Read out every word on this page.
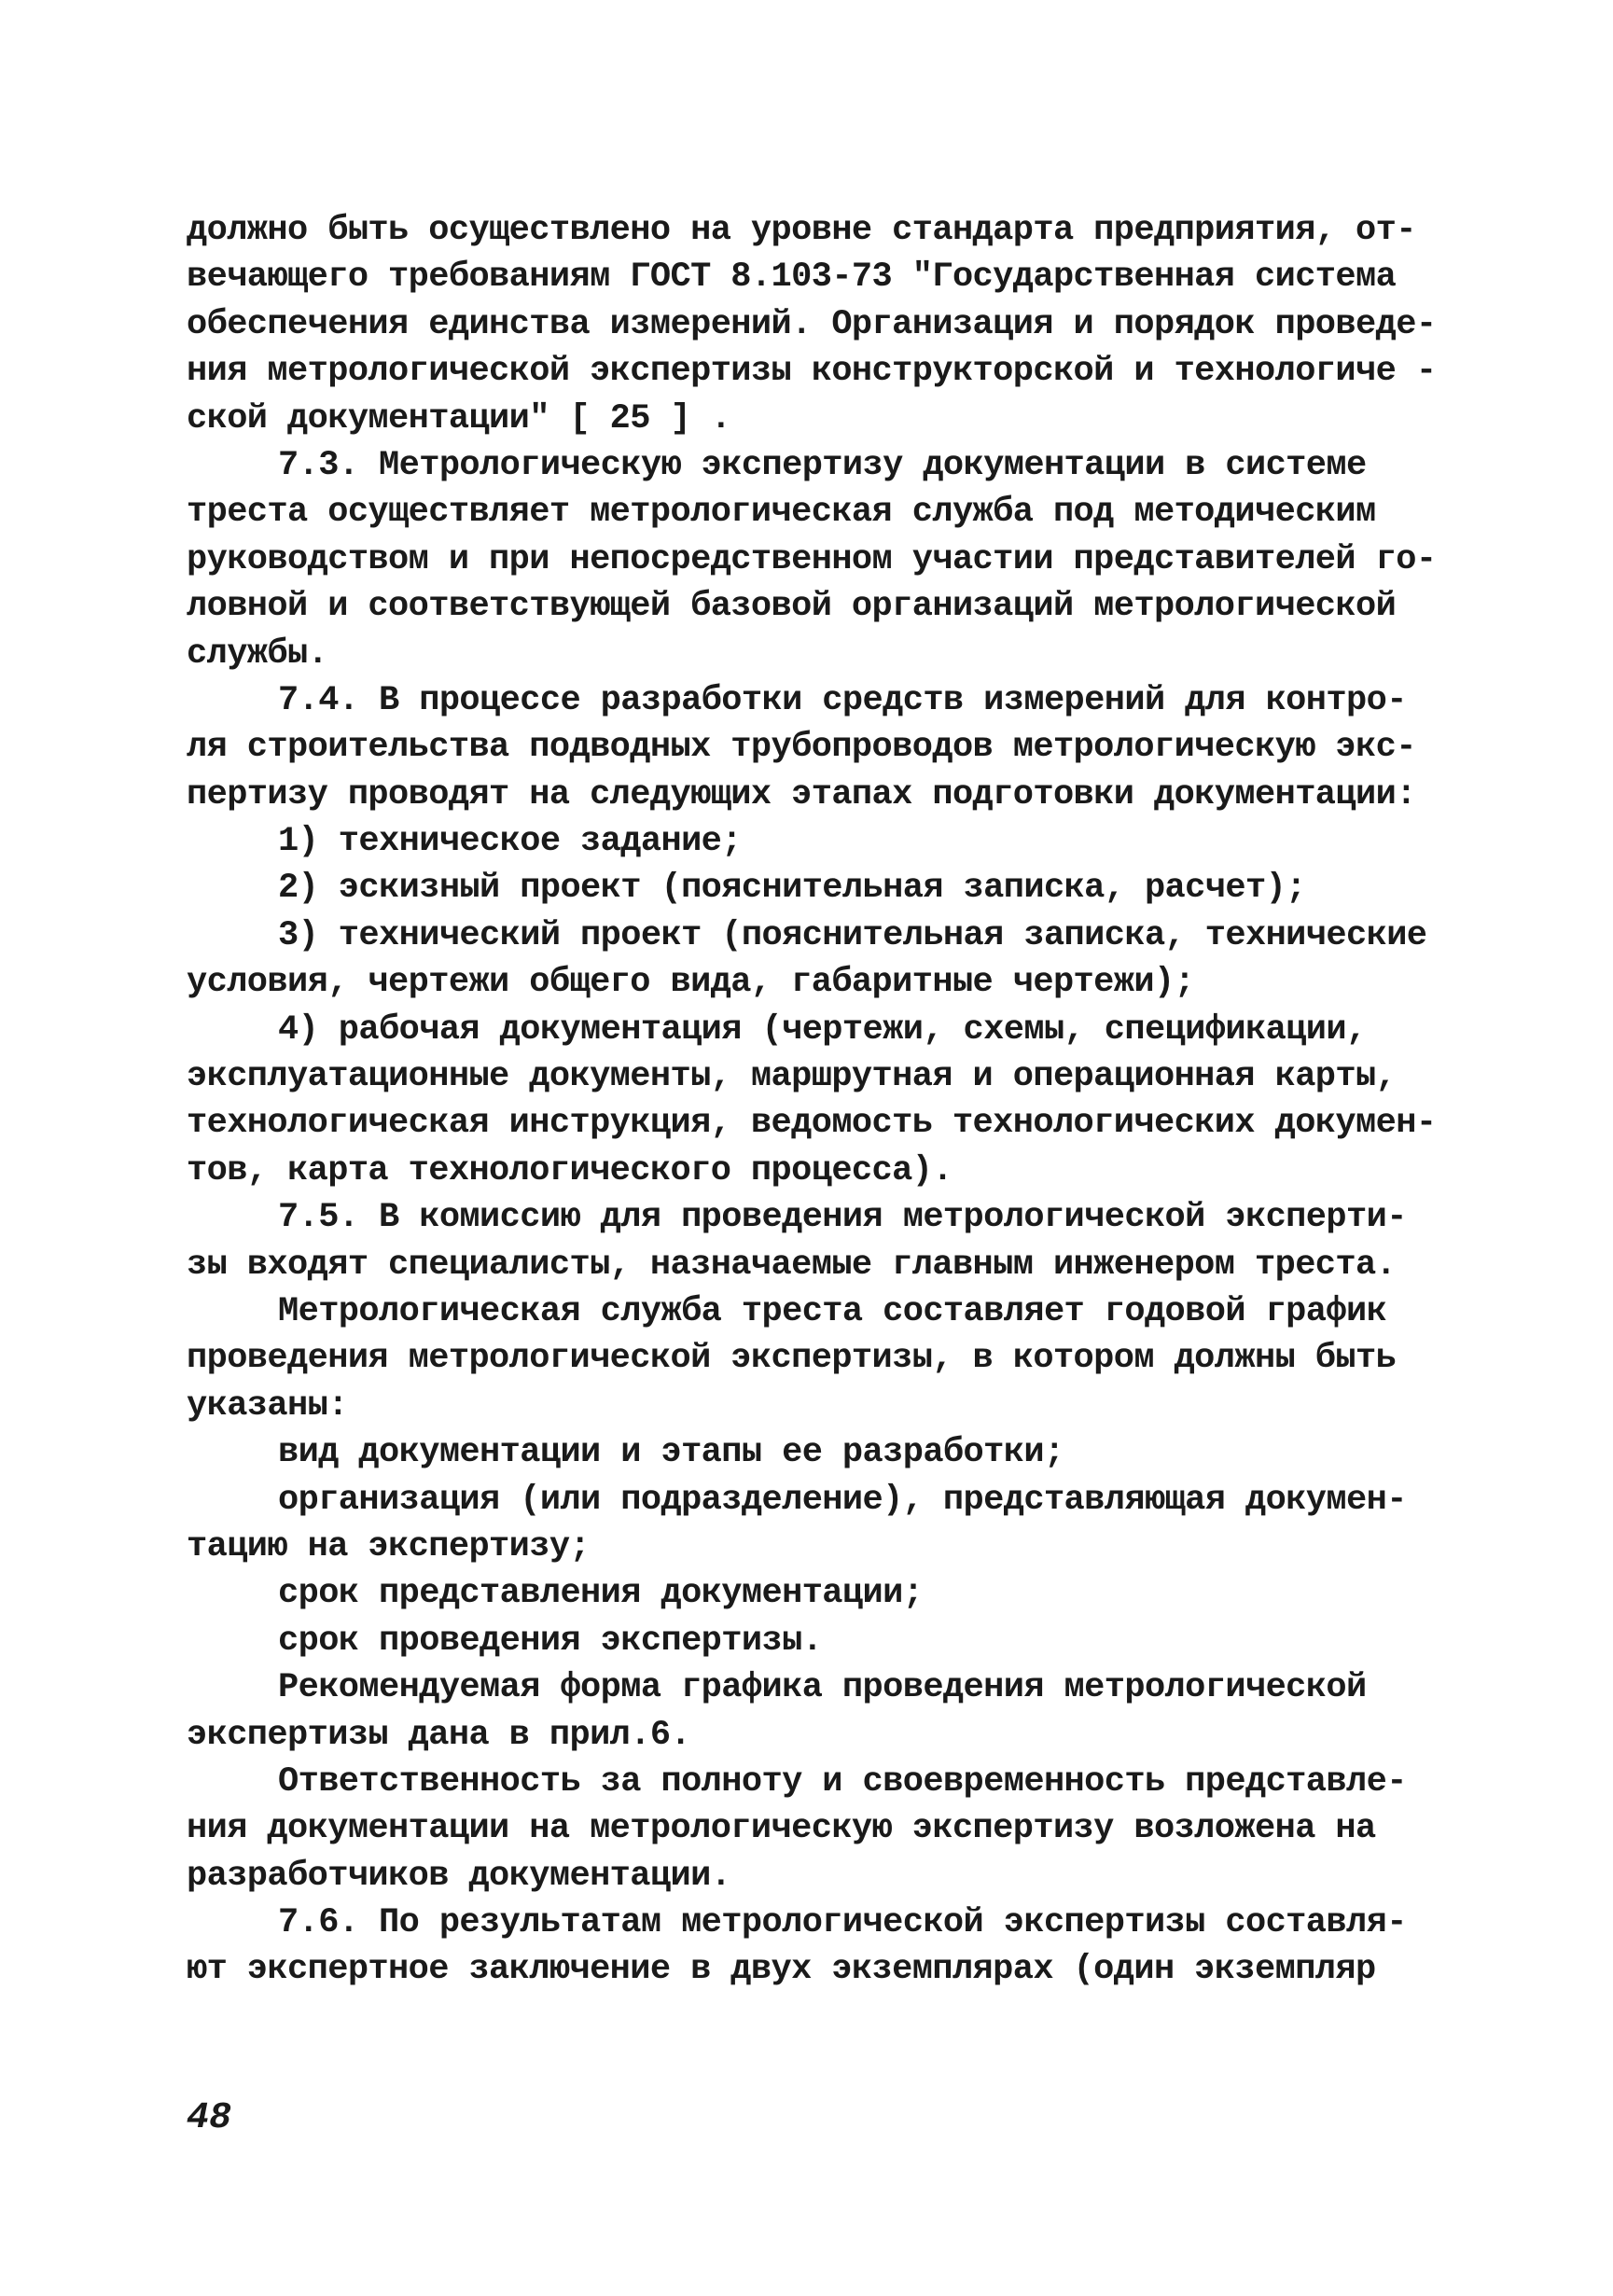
должно быть осуществлено на уровне стандарта предприятия, от-
вечающего требованиям ГОСТ 8.103-73 "Государственная система
обеспечения единства измерений. Организация и порядок проведе-
ния метрологической экспертизы конструкторской и технологиче -
ской документации" [ 25 ] .
7.3. Метрологическую экспертизу документации в системе
треста осуществляет метрологическая служба под методическим
руководством и при непосредственном участии представителей го-
ловной и соответствующей базовой организаций метрологической
службы.
7.4. В процессе разработки средств измерений для контро-
ля строительства подводных трубопроводов метрологическую экс-
пертизу проводят на следующих этапах подготовки документации:
1) техническое задание;
2) эскизный проект (пояснительная записка, расчет);
3) технический проект (пояснительная записка, технические
условия, чертежи общего вида, габаритные чертежи);
4) рабочая документация (чертежи, схемы, спецификации,
эксплуатационные документы, маршрутная и операционная карты,
технологическая инструкция, ведомость технологических докумен-
тов, карта технологического процесса).
7.5. В комиссию для проведения метрологической эксперти-
зы входят специалисты, назначаемые главным инженером треста.
Метрологическая служба треста составляет годовой график
проведения метрологической экспертизы, в котором должны быть
указаны:
вид документации и этапы ее разработки;
организация (или подразделение), представляющая докумен-
тацию на экспертизу;
срок представления документации;
срок проведения экспертизы.
Рекомендуемая форма графика проведения метрологической
экспертизы дана в прил.6.
Ответственность за полноту и своевременность представле-
ния документации на метрологическую экспертизу возложена на
разработчиков документации.
7.6. По результатам метрологической экспертизы составля-
ют экспертное заключение в двух экземплярах (один экземпляр
48
